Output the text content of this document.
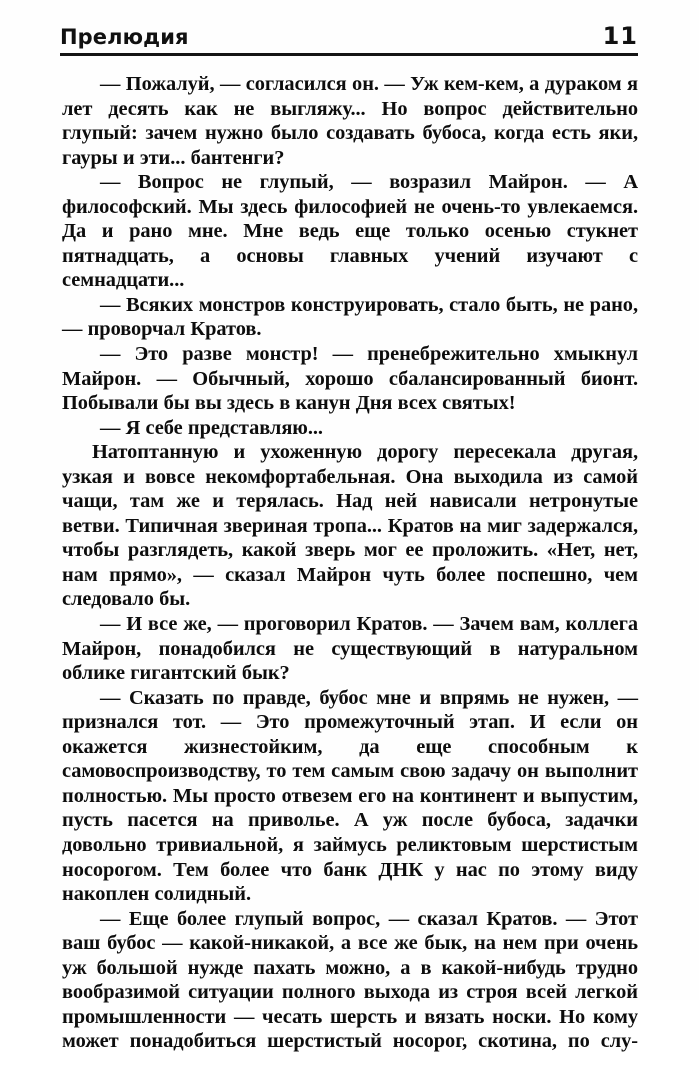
Прелюдия	11

— Пожалуй, — согласился он. — Уж кем-кем, а дураком я лет десять как не выгляжу... Но вопрос действительно глупый: зачем нужно было создавать бубоса, когда есть яки, гауры и эти... бантенги?

— Вопрос не глупый, — возразил Майрон. — А философский. Мы здесь философией не очень-то увлекаемся. Да и рано мне. Мне ведь еще только осенью стукнет пятнадцать, а основы главных учений изучают с семнадцати...

— Всяких монстров конструировать, стало быть, не рано, — проворчал Кратов.

— Это разве монстр! — пренебрежительно хмыкнул Майрон. — Обычный, хорошо сбалансированный бионт. Побывали бы вы здесь в канун Дня всех святых!

— Я себе представляю...

Натоптанную и ухоженную дорогу пересекала другая, узкая и вовсе некомфортабельная. Она выходила из самой чащи, там же и терялась. Над ней нависали нетронутые ветви. Типичная звериная тропа... Кратов на миг задержался, чтобы разглядеть, какой зверь мог ее проложить. «Нет, нет, нам прямо», — сказал Майрон чуть более поспешно, чем следовало бы.

— И все же, — проговорил Кратов. — Зачем вам, коллега Майрон, понадобился не существующий в натуральном облике гигантский бык?

— Сказать по правде, бубос мне и впрямь не нужен, — признался тот. — Это промежуточный этап. И если он окажется жизнестойким, да еще способным к самовоспроизводству, то тем самым свою задачу он выполнит полностью. Мы просто отвезем его на континент и выпустим, пусть пасется на приволье. А уж после бубоса, задачки довольно тривиальной, я займусь реликтовым шерстистым носорогом. Тем более что банк ДНК у нас по этому виду накоплен солидный.

— Еще более глупый вопрос, — сказал Кратов. — Этот ваш бубос — какой-никакой, а все же бык, на нем при очень уж большой нужде пахать можно, а в какой-нибудь трудно вообразимой ситуации полного выхода из строя всей легкой промышленности — чесать шерсть и вязать носки. Но кому может понадобиться шерстистый носорог, скотина, по слу-
